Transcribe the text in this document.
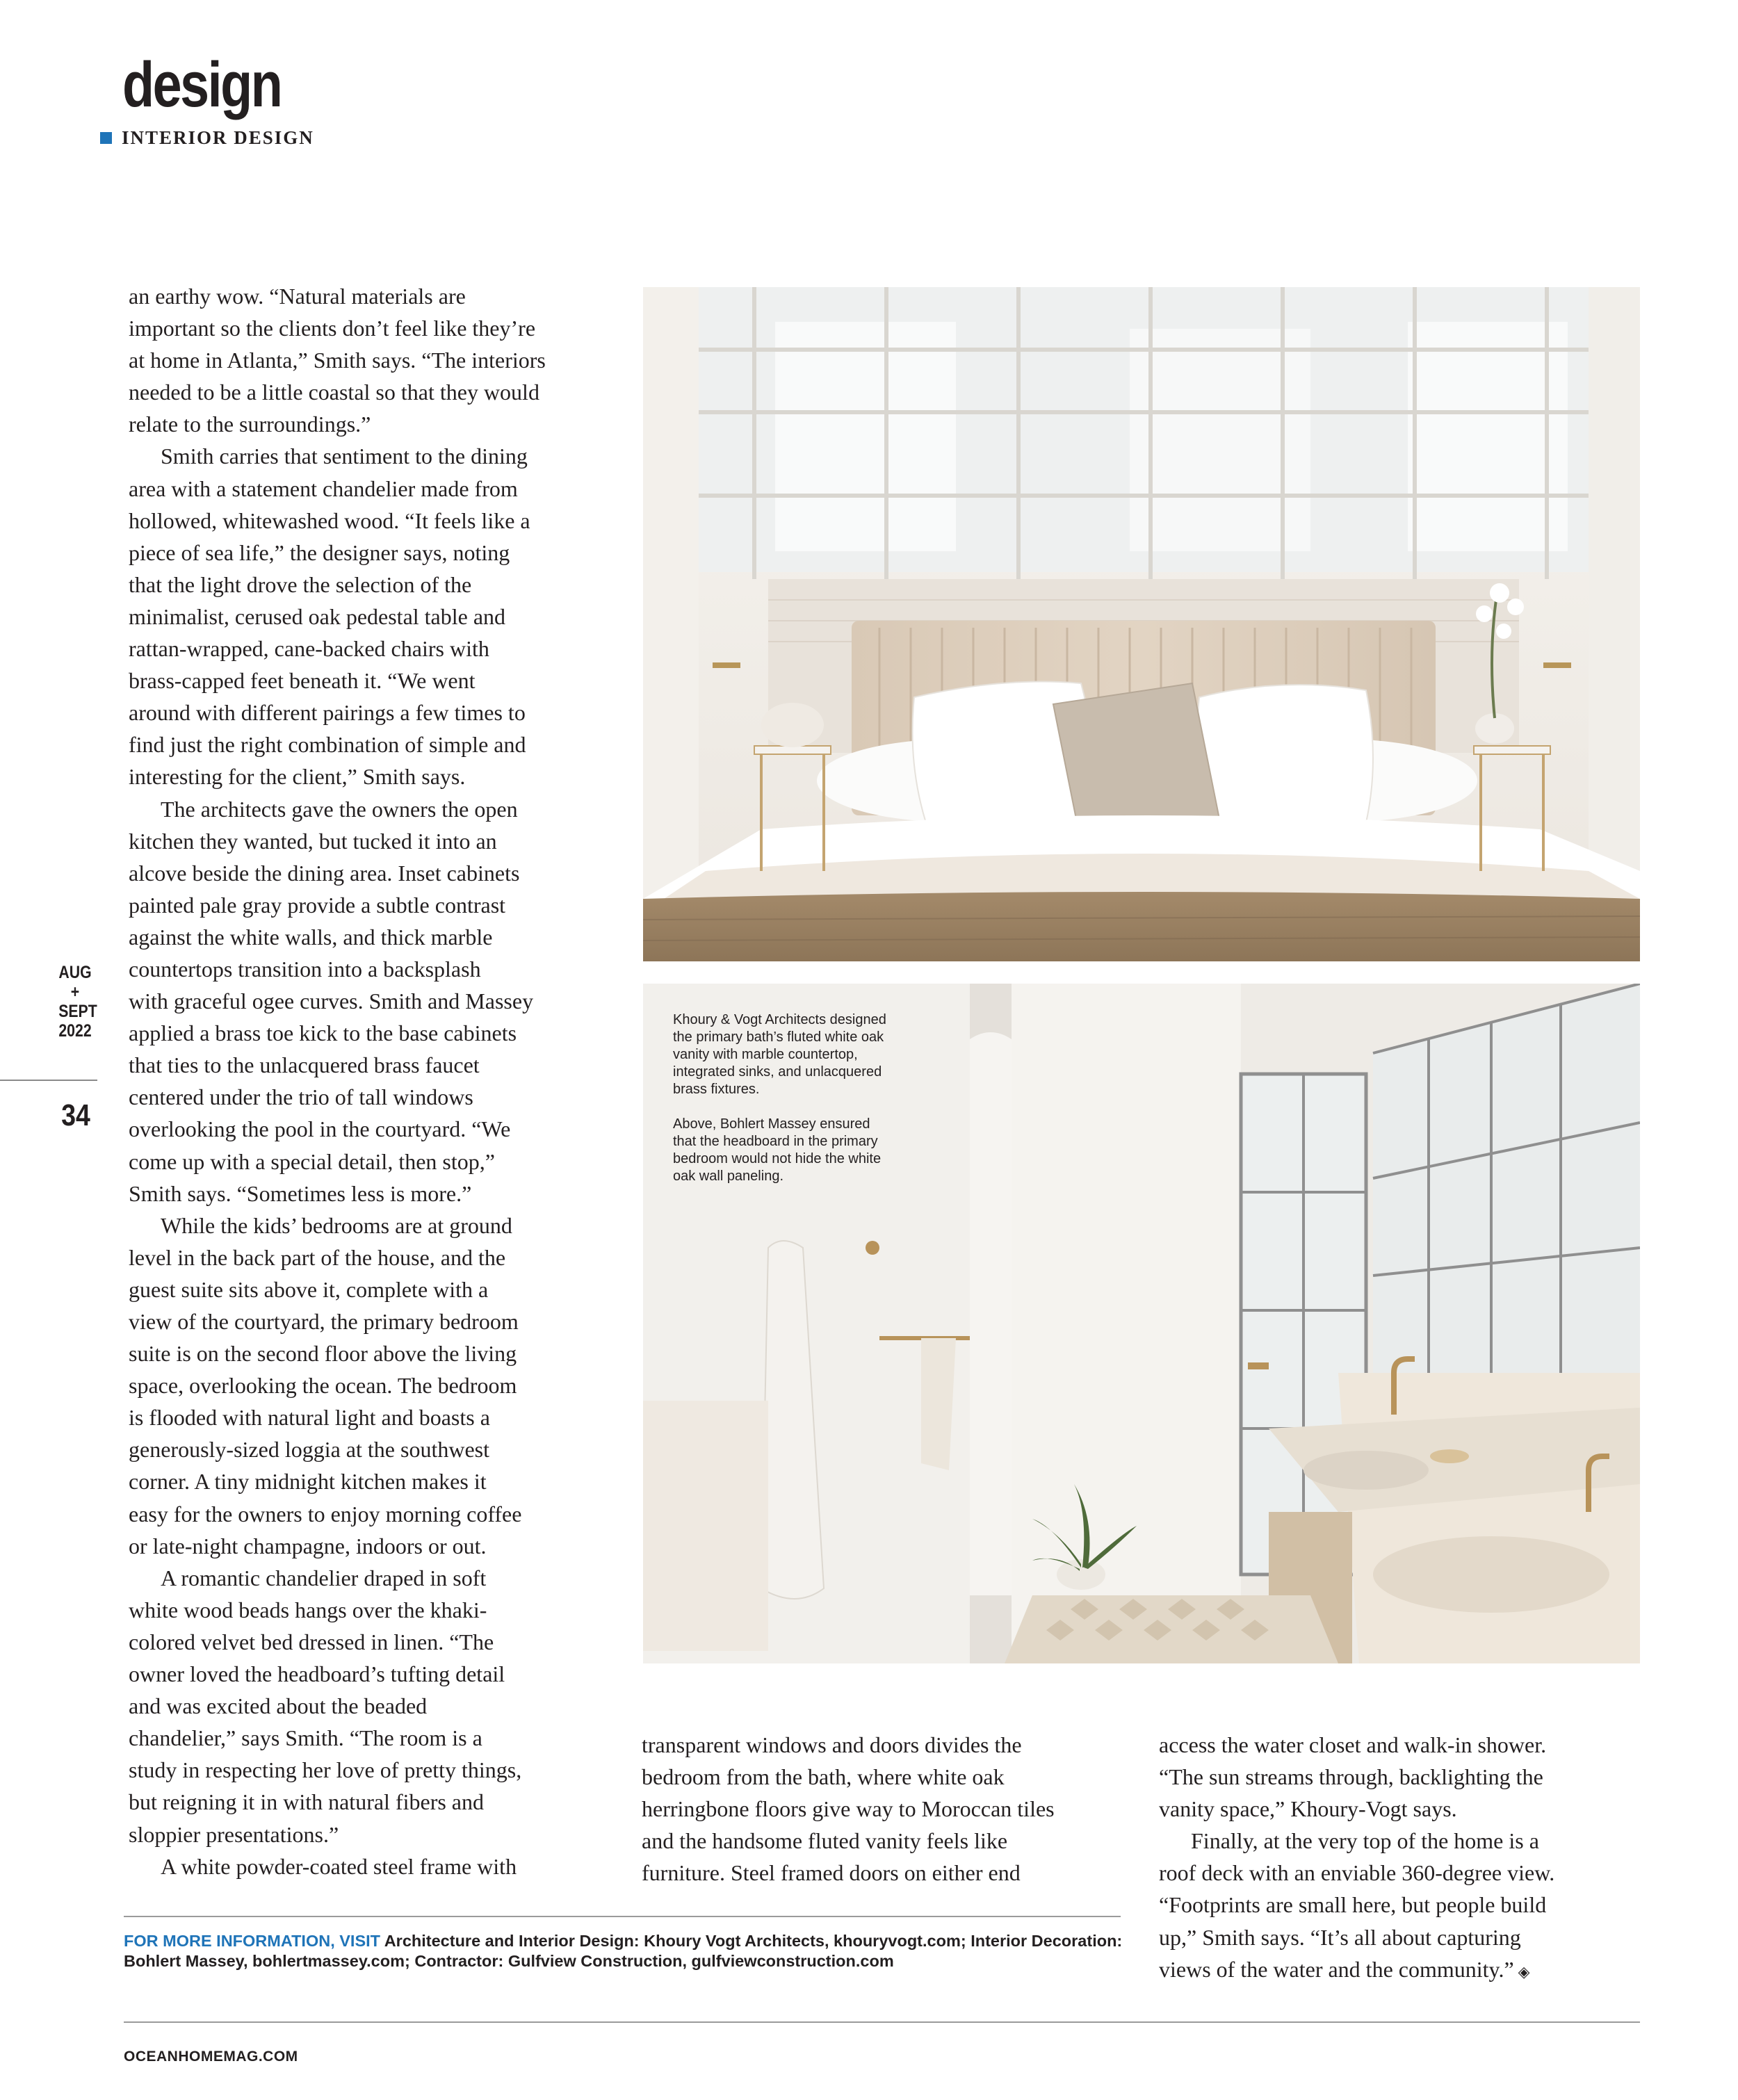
design
INTERIOR DESIGN
AUG
+
SEPT
2022
34

an earthy wow. “Natural materials are

important so the clients don’t feel like they’re

at home in Atlanta,” Smith says. “The interiors

needed to be a little coastal so that they would

relate to the surroundings.”

Smith carries that sentiment to the dining

area with a statement chandelier made from

hollowed, whitewashed wood. “It feels like a

piece of sea life,” the designer says, noting

that the light drove the selection of the

minimalist, cerused oak pedestal table and

rattan-wrapped, cane-backed chairs with

brass-capped feet beneath it. “We went

around with different pairings a few times to

find just the right combination of simple and

interesting for the client,” Smith says.

The architects gave the owners the open

kitchen they wanted, but tucked it into an

alcove beside the dining area. Inset cabinets

painted pale gray provide a subtle contrast

against the white walls, and thick marble

countertops transition into a backsplash

with graceful ogee curves. Smith and Massey

applied a brass toe kick to the base cabinets

that ties to the unlacquered brass faucet

centered under the trio of tall windows

overlooking the pool in the courtyard. “We

come up with a special detail, then stop,”

Smith says. “Sometimes less is more.”

While the kids’ bedrooms are at ground

level in the back part of the house, and the

guest suite sits above it, complete with a

view of the courtyard, the primary bedroom

suite is on the second floor above the living

space, overlooking the ocean. The bedroom

is flooded with natural light and boasts a

generously-sized loggia at the southwest

corner. A tiny midnight kitchen makes it

easy for the owners to enjoy morning coffee

or late-night champagne, indoors or out.

A romantic chandelier draped in soft

white wood beads hangs over the khaki-

colored velvet bed dressed in linen. “The

owner loved the headboard’s tufting detail

and was excited about the beaded

chandelier,” says Smith. “The room is a

study in respecting her love of pretty things,

but reigning it in with natural fibers and

sloppier presentations.”

A white powder-coated steel frame with

Khoury & Vogt Architects designed the primary bath’s fluted white oak vanity with marble countertop, integrated sinks, and unlacquered brass fixtures.

Above, Bohlert Massey ensured that the headboard in the primary bedroom would not hide the white oak wall paneling.

transparent windows and doors divides the

bedroom from the bath, where white oak

herringbone floors give way to Moroccan tiles

and the handsome fluted vanity feels like

furniture. Steel framed doors on either end

access the water closet and walk-in shower.

“The sun streams through, backlighting the

vanity space,” Khoury-Vogt says.

Finally, at the very top of the home is a

roof deck with an enviable 360-degree view.

“Footprints are small here, but people build

up,” Smith says. “It’s all about capturing

views of the water and the community.” ◈

FOR MORE INFORMATION, VISIT Architecture and Interior Design: Khoury Vogt Architects, khouryvogt.com; Interior Decoration: Bohlert Massey, bohlertmassey.com; Contractor: Gulfview Construction, gulfviewconstruction.com
OCEANHOMEMAG.COM
